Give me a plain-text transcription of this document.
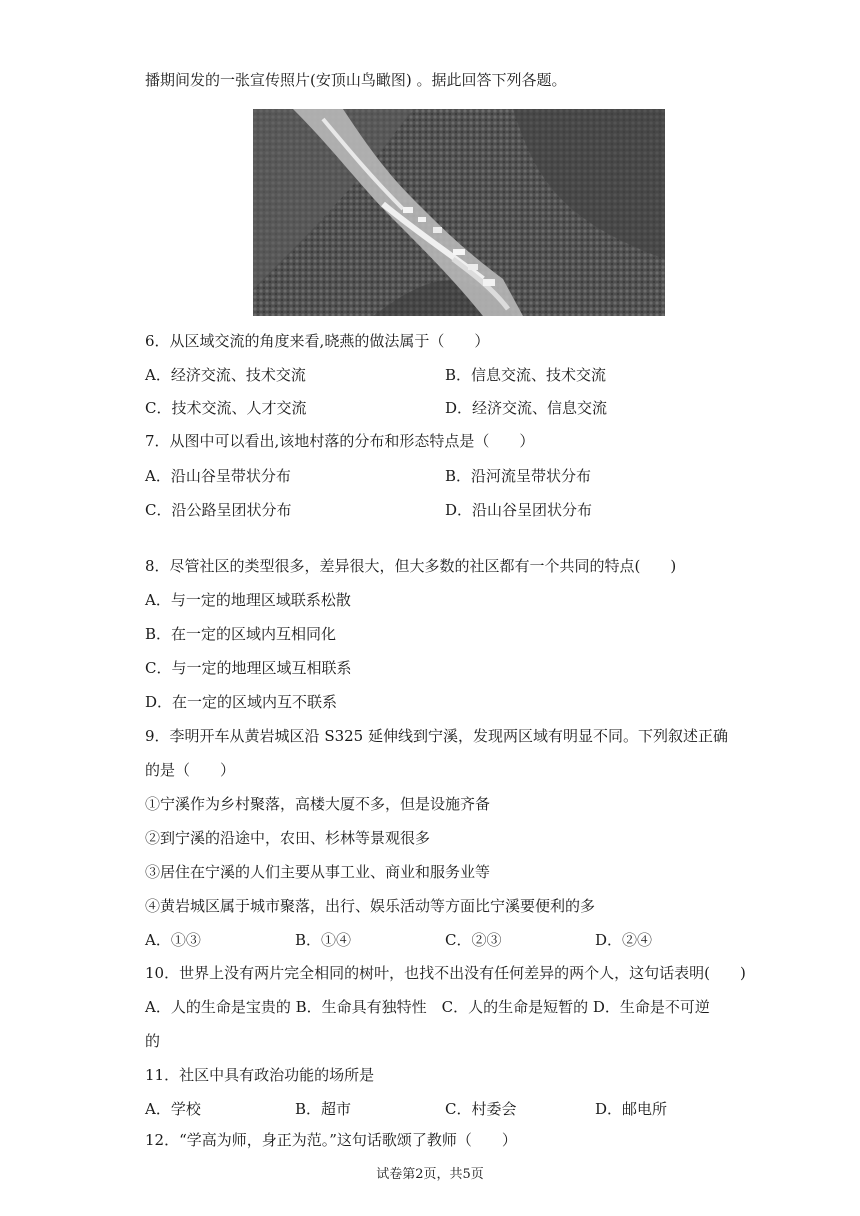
播期间发的一张宣传照片(安顶山鸟瞰图) 。据此回答下列各题。
6．从区域交流的角度来看,晓燕的做法属于（　　）
A．经济交流、技术交流	B．信息交流、技术交流
C．技术交流、人才交流	D．经济交流、信息交流
7．从图中可以看出,该地村落的分布和形态特点是（　　）
A．沿山谷呈带状分布	B．沿河流呈带状分布
C．沿公路呈团状分布	D．沿山谷呈团状分布
8．尽管社区的类型很多，差异很大，但大多数的社区都有一个共同的特点(　　)
A．与一定的地理区域联系松散
B．在一定的区域内互相同化
C．与一定的地理区域互相联系
D．在一定的区域内互不联系
9．李明开车从黄岩城区沿 S325 延伸线到宁溪，发现两区域有明显不同。下列叙述正确
的是（　　）
①宁溪作为乡村聚落，高楼大厦不多，但是设施齐备
②到宁溪的沿途中，农田、杉林等景观很多
③居住在宁溪的人们主要从事工业、商业和服务业等
④黄岩城区属于城市聚落，出行、娱乐活动等方面比宁溪要便利的多
A．①③	B．①④	C．②③	D．②④
10．世界上没有两片完全相同的树叶，也找不出没有任何差异的两个人，这句话表明(　　)
A．人的生命是宝贵的 B．生命具有独特性　C．人的生命是短暂的 D．生命是不可逆
的
11．社区中具有政治功能的场所是
A．学校	B．超市	C．村委会	D．邮电所
12．“学高为师，身正为范。”这句话歌颂了教师（　　）
试卷第2页，共5页
